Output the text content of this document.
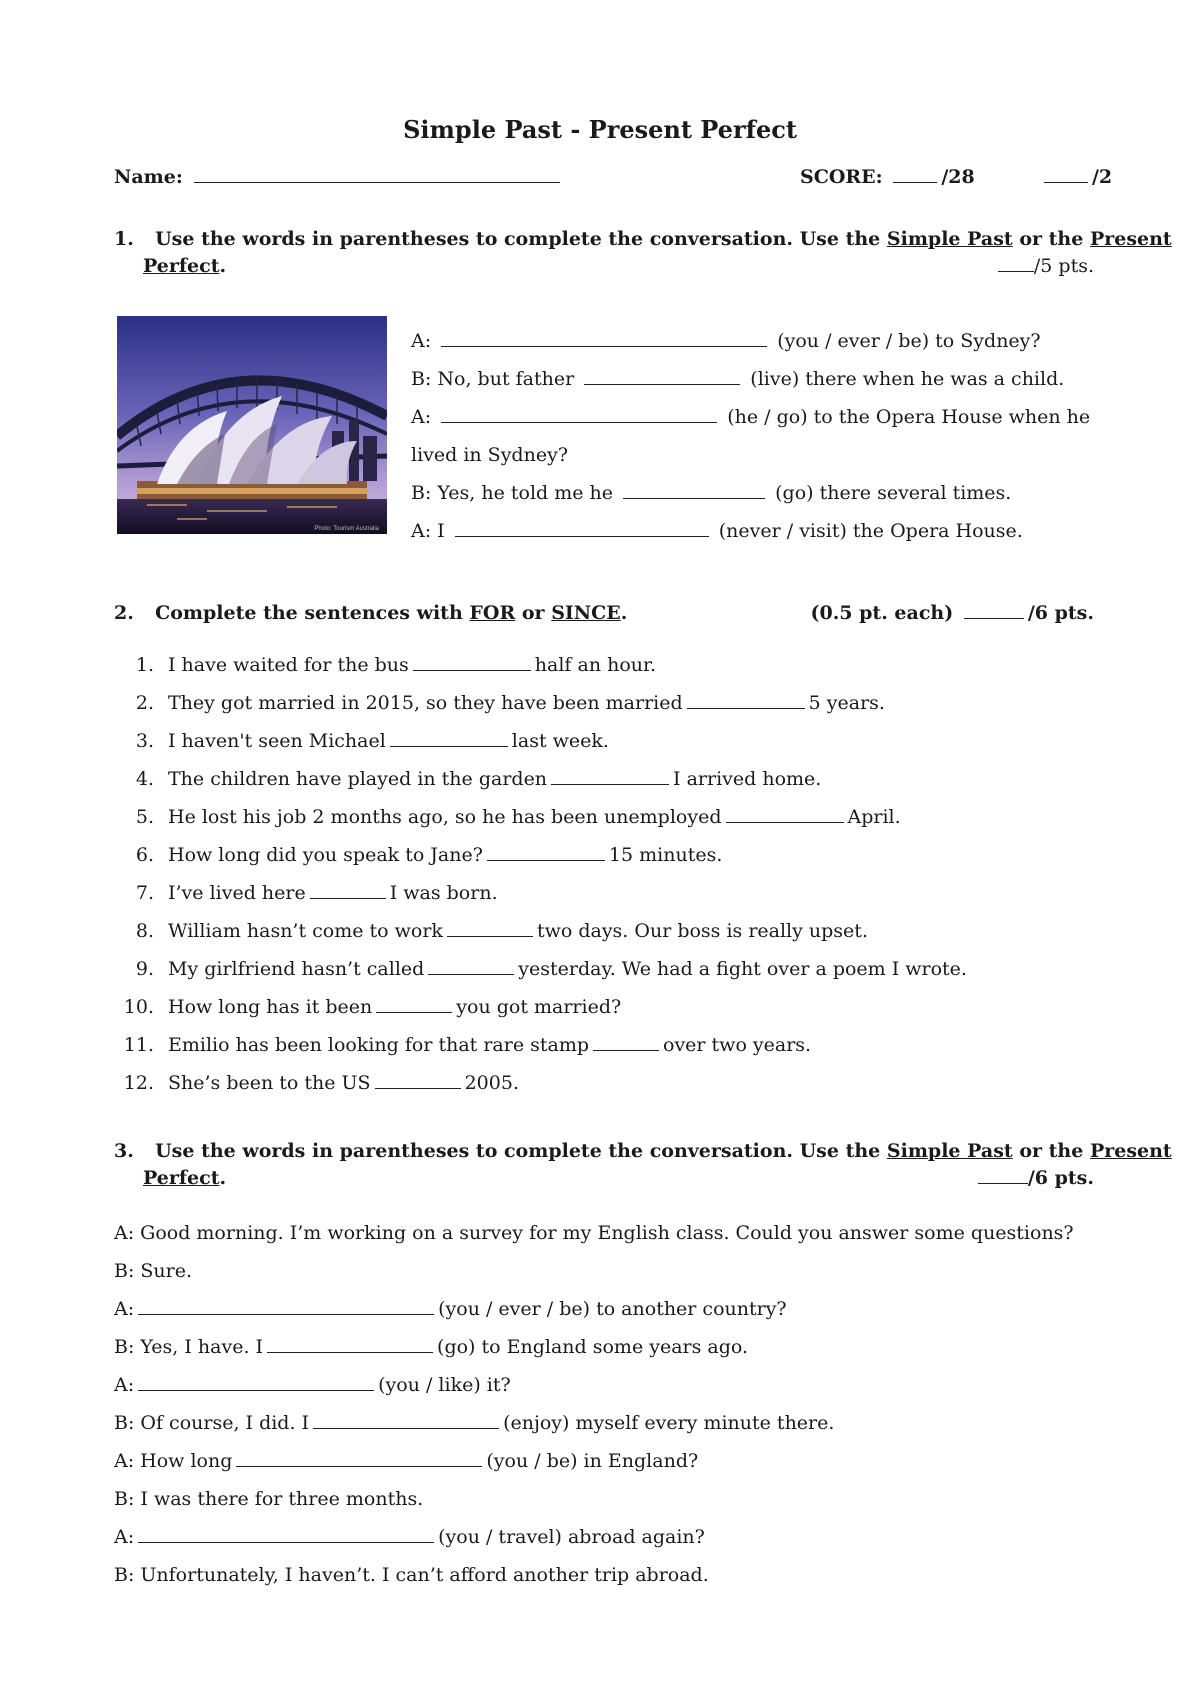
Simple Past - Present Perfect
Name:	SCORE:	/28	/2
1. Use the words in parentheses to complete the conversation. Use the Simple Past or the Present
Perfect.	/5 pts.
Photo: Tourism Australia
A:	(you / ever / be) to Sydney?
B: No, but father	(live) there when he was a child.
A:	(he / go) to the Opera House when he
lived in Sydney?
B: Yes, he told me he	(go) there several times.
A: I	(never / visit) the Opera House.
2. Complete the sentences with FOR or SINCE.	(0.5 pt. each)	/6 pts.
1. I have waited for the bus	half an hour.
2. They got married in 2015, so they have been married	5 years.
3. I haven't seen Michael	last week.
4. The children have played in the garden	I arrived home.
5. He lost his job 2 months ago, so he has been unemployed	April.
6. How long did you speak to Jane?	15 minutes.
7. I’ve lived here	I was born.
8. William hasn’t come to work	two days. Our boss is really upset.
9. My girlfriend hasn’t called	yesterday. We had a fight over a poem I wrote.
10. How long has it been	you got married?
11. Emilio has been looking for that rare stamp	over two years.
12. She’s been to the US	2005.
3. Use the words in parentheses to complete the conversation. Use the Simple Past or the Present
Perfect.	/6 pts.
A: Good morning. I’m working on a survey for my English class. Could you answer some questions?
B: Sure.
A:	(you / ever / be) to another country?
B: Yes, I have. I	(go) to England some years ago.
A:	(you / like) it?
B: Of course, I did. I	(enjoy) myself every minute there.
A: How long	(you / be) in England?
B: I was there for three months.
A:	(you / travel) abroad again?
B: Unfortunately, I haven’t. I can’t afford another trip abroad.
